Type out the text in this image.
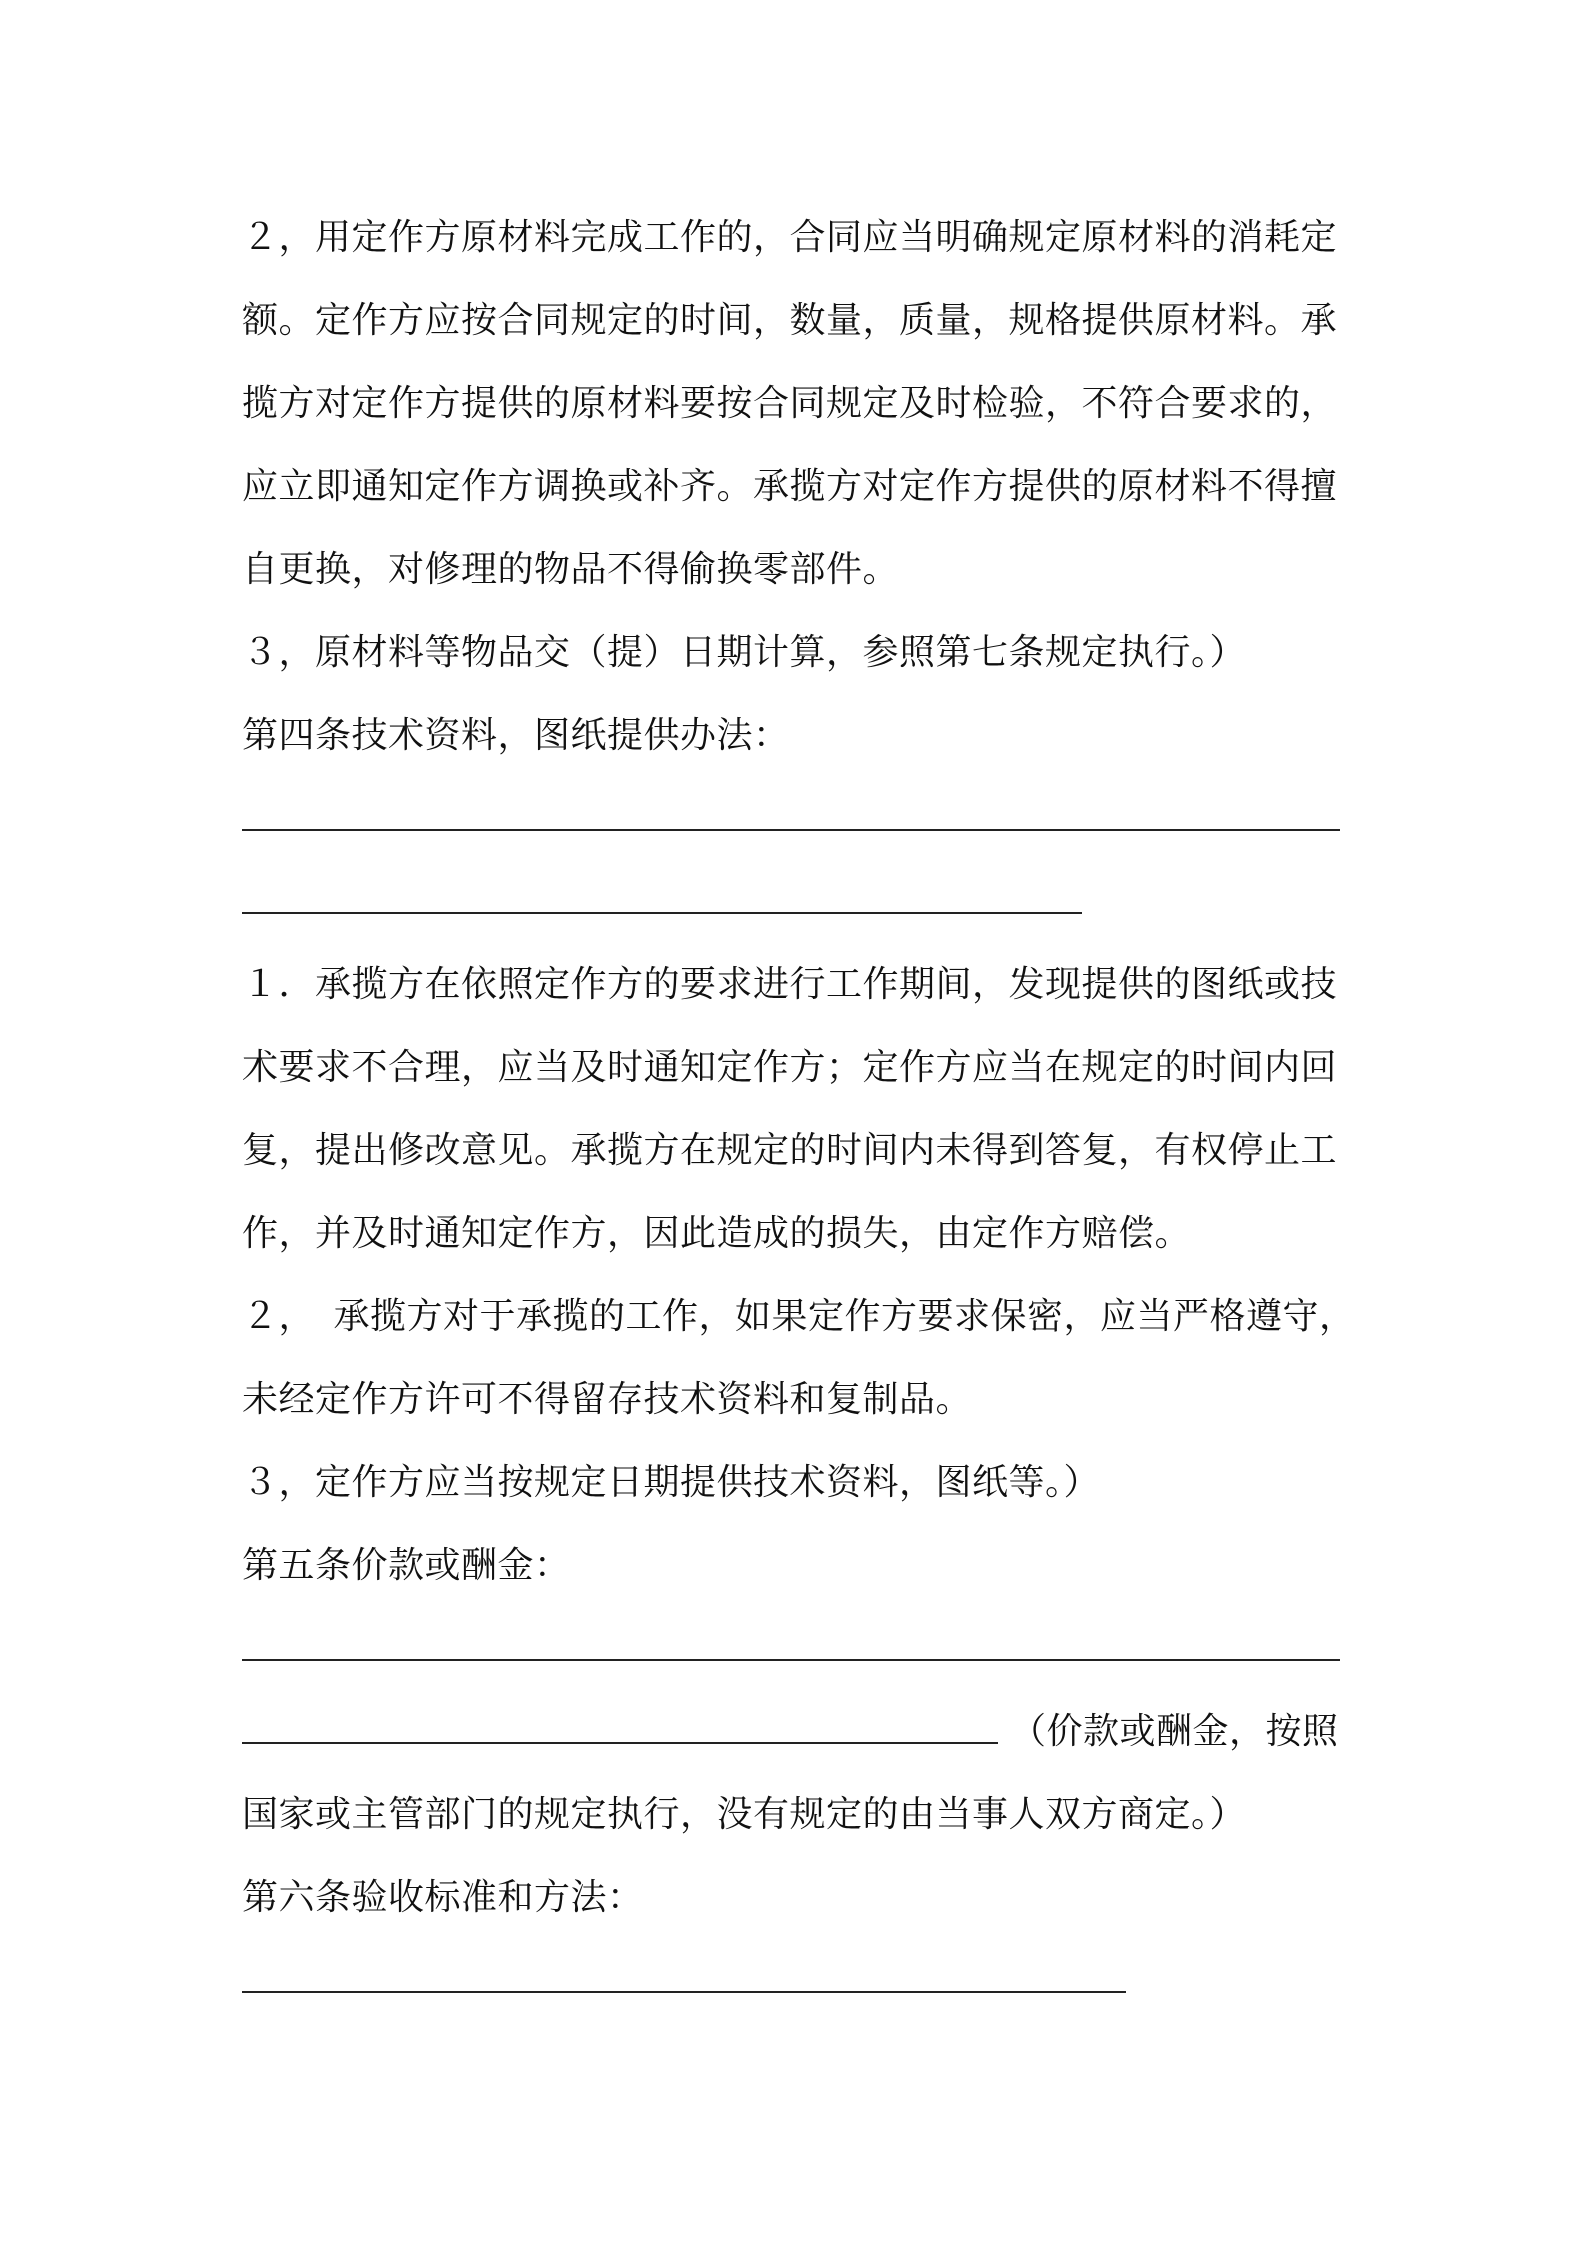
２，用定作方原材料完成工作的，合同应当明确规定原材料的消耗定
额。定作方应按合同规定的时间，数量，质量，规格提供原材料。承
揽方对定作方提供的原材料要按合同规定及时检验，不符合要求的，
应立即通知定作方调换或补齐。承揽方对定作方提供的原材料不得擅
自更换，对修理的物品不得偷换零部件。
３，原材料等物品交（提）日期计算，参照第七条规定执行。）
第四条技术资料，图纸提供办法：
１．承揽方在依照定作方的要求进行工作期间，发现提供的图纸或技
术要求不合理，应当及时通知定作方；定作方应当在规定的时间内回
复，提出修改意见。承揽方在规定的时间内未得到答复，有权停止工
作，并及时通知定作方，因此造成的损失，由定作方赔偿。
２，　承揽方对于承揽的工作，如果定作方要求保密，应当严格遵守，
未经定作方许可不得留存技术资料和复制品。
３，定作方应当按规定日期提供技术资料，图纸等。）
第五条价款或酬金：
（价款或酬金，按照
国家或主管部门的规定执行，没有规定的由当事人双方商定。）
第六条验收标准和方法：
